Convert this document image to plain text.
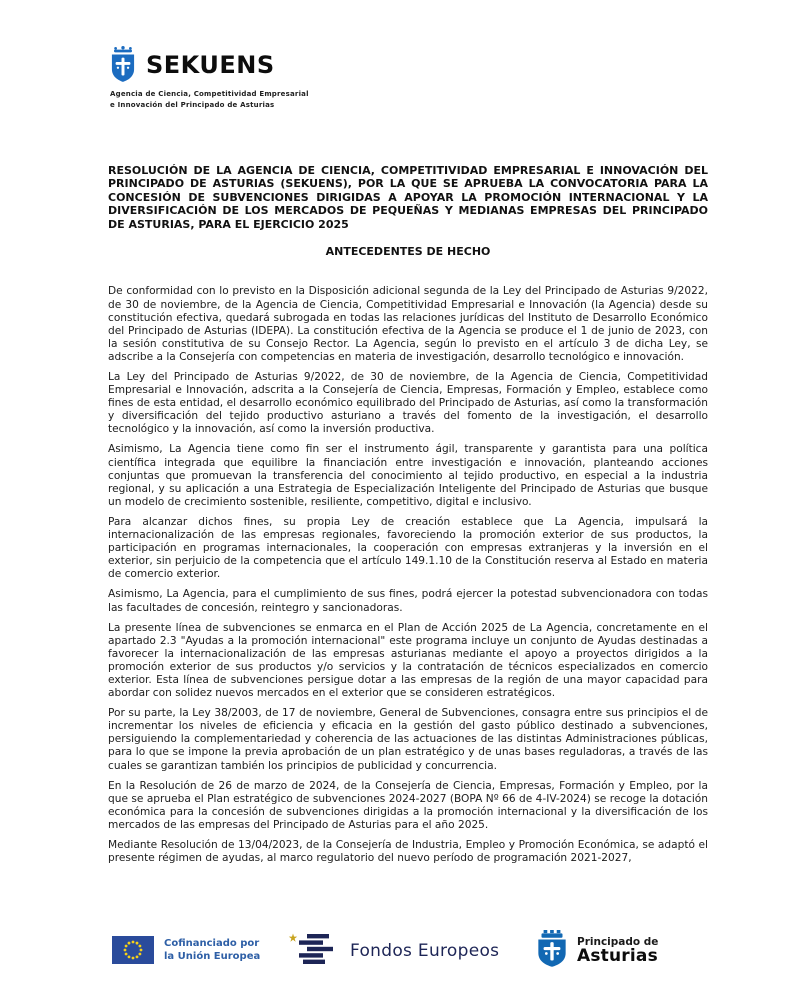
SEKUENS
Agencia de Ciencia, Competitividad Empresarial
e Innovación del Principado de Asturias
RESOLUCIÓN DE LA AGENCIA DE CIENCIA, COMPETITIVIDAD EMPRESARIAL E INNOVACIÓN DEL PRINCIPADO DE ASTURIAS (SEKUENS), POR LA QUE SE APRUEBA LA CONVOCATORIA PARA LA CONCESIÓN DE SUBVENCIONES DIRIGIDAS A APOYAR LA PROMOCIÓN INTERNACIONAL Y LA DIVERSIFICACIÓN DE LOS MERCADOS DE PEQUEÑAS Y MEDIANAS EMPRESAS DEL PRINCIPADO DE ASTURIAS, PARA EL EJERCICIO 2025
ANTECEDENTES DE HECHO

De conformidad con lo previsto en la Disposición adicional segunda de la Ley del Principado de Asturias 9/2022, de 30 de noviembre, de la Agencia de Ciencia, Competitividad Empresarial e Innovación (la Agencia) desde su constitución efectiva, quedará subrogada en todas las relaciones jurídicas del Instituto de Desarrollo Económico del Principado de Asturias (IDEPA). La constitución efectiva de la Agencia se produce el 1 de junio de 2023, con la sesión constitutiva de su Consejo Rector. La Agencia, según lo previsto en el artículo 3 de dicha Ley, se adscribe a la Consejería con competencias en materia de investigación, desarrollo tecnológico e innovación.

La Ley del Principado de Asturias 9/2022, de 30 de noviembre, de la Agencia de Ciencia, Competitividad Empresarial e Innovación, adscrita a la Consejería de Ciencia, Empresas, Formación y Empleo, establece como fines de esta entidad, el desarrollo económico equilibrado del Principado de Asturias, así como la transformación y diversificación del tejido productivo asturiano a través del fomento de la investigación, el desarrollo tecnológico y la innovación, así como la inversión productiva.

Asimismo, La Agencia tiene como fin ser el instrumento ágil, transparente y garantista para una política científica integrada que equilibre la financiación entre investigación e innovación, planteando acciones conjuntas que promuevan la transferencia del conocimiento al tejido productivo, en especial a la industria regional, y su aplicación a una Estrategia de Especialización Inteligente del Principado de Asturias que busque un modelo de crecimiento sostenible, resiliente, competitivo, digital e inclusivo.

Para alcanzar dichos fines, su propia Ley de creación establece que La Agencia, impulsará la internacionalización de las empresas regionales, favoreciendo la promoción exterior de sus productos, la participación en programas internacionales, la cooperación con empresas extranjeras y la inversión en el exterior, sin perjuicio de la competencia que el artículo 149.1.10 de la Constitución reserva al Estado en materia de comercio exterior.

Asimismo, La Agencia, para el cumplimiento de sus fines, podrá ejercer la potestad subvencionadora con todas las facultades de concesión, reintegro y sancionadoras.

La presente línea de subvenciones se enmarca en el Plan de Acción 2025 de La Agencia, concretamente en el apartado 2.3 "Ayudas a la promoción internacional" este programa incluye un conjunto de Ayudas destinadas a favorecer la internacionalización de las empresas asturianas mediante el apoyo a proyectos dirigidos a la promoción exterior de sus productos y/o servicios y la contratación de técnicos especializados en comercio exterior. Esta línea de subvenciones persigue dotar a las empresas de la región de una mayor capacidad para abordar con solidez nuevos mercados en el exterior que se consideren estratégicos.

Por su parte, la Ley 38/2003, de 17 de noviembre, General de Subvenciones, consagra entre sus principios el de incrementar los niveles de eficiencia y eficacia en la gestión del gasto público destinado a subvenciones, persiguiendo la complementariedad y coherencia de las actuaciones de las distintas Administraciones públicas, para lo que se impone la previa aprobación de un plan estratégico y de unas bases reguladoras, a través de las cuales se garantizan también los principios de publicidad y concurrencia.

En la Resolución de 26 de marzo de 2024, de la Consejería de Ciencia, Empresas, Formación y Empleo, por la que se aprueba el Plan estratégico de subvenciones 2024-2027 (BOPA Nº 66 de 4-IV-2024) se recoge la dotación económica para la concesión de subvenciones dirigidas a la promoción internacional y la diversificación de los mercados de las empresas del Principado de Asturias para el año 2025.

Mediante Resolución de 13/04/2023, de la Consejería de Industria, Empleo y Promoción Económica, se adaptó el presente régimen de ayudas, al marco regulatorio del nuevo período de programación 2021-2027,

Cofinanciado por
la Unión Europea	Fondos Europeos	Principado de
Asturias
